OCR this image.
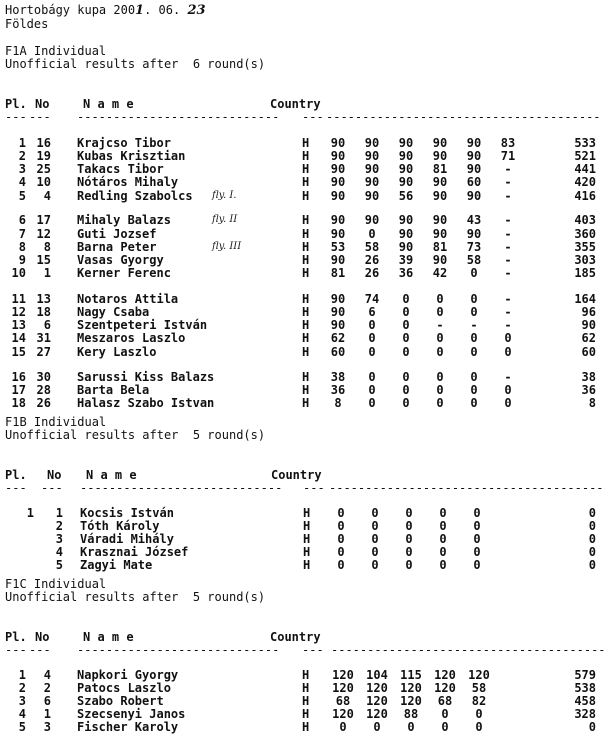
Hortobágy kupa 2001. 06. 23
Földes
F1A Individual
Unofficial results after  6 round(s)
Pl. No	N a m e	Country
--- --- ---------------------------- --- --------------------------------------
1 16 Krajcso Tibor	H	90	90	90	90	90	83	533
2 19 Kubas Krisztian	H	90	90	90	90	90	71	521
3 25 Takacs Tibor	H	90	90	90	81	90	-	441
4 10 Nótáros Mihaly	H	90	90	90	90	60	-	420
5	4 Redling Szabolcs	H	90	90	56	90	90	-	416
fly. I.
6 17 Mihaly Balazs	H	90	90	90	90	43	-	403
fly. II
7 12 Guti Jozsef	H	90	0	90	90	90	-	360
8	8 Barna Peter	H	53	58	90	81	73	-	355
fly. III
9 15 Vasas Gyorgy	H	90	26	39	90	58	-	303
10	1 Kerner Ferenc	H	81	26	36	42	0	-	185
11 13 Notaros Attila	H	90	74	0	0	0	-	164
12 18 Nagy Csaba	H	90	6	0	0	0	-	96
13	6 Szentpeteri István	H	90	0	0	-	-	-	90
14 31 Meszaros Laszlo	H	62	0	0	0	0	0	62
15 27 Kery Laszlo	H	60	0	0	0	0	0	60
16 30 Sarussi Kiss Balazs	H	38	0	0	0	0	-	38
17 28 Barta Bela	H	36	0	0	0	0	0	36
18 26 Halasz Szabo Istvan	H	8	0	0	0	0	0	8
F1B Individual
Unofficial results after  5 round(s)
Pl. No N a m e	Country
--- --- ---------------------------- --- --------------------------------------
1	1 Kocsis István	H	0	0	0	0	0	0
2 Tóth Károly	H	0	0	0	0	0	0
3 Váradi Mihály	H	0	0	0	0	0	0
4 Krasznai József	H	0	0	0	0	0	0
5 Zagyi Mate	H	0	0	0	0	0	0
F1C Individual
Unofficial results after  5 round(s)
Pl. No	N a m e	Country
--- --- ---------------------------- --- --------------------------------------
1	4 Napkori Gyorgy	H 120 104 115 120 120	579
2	2 Patocs Laszlo	H 120 120 120 120	58	538
3	6 Szabo Robert	H	68	120 120	68	82	458
4	1 Szecsenyi Janos	H 120 120	88	0	0	328
5	3 Fischer Karoly	H	0	0	0	0	0	0
